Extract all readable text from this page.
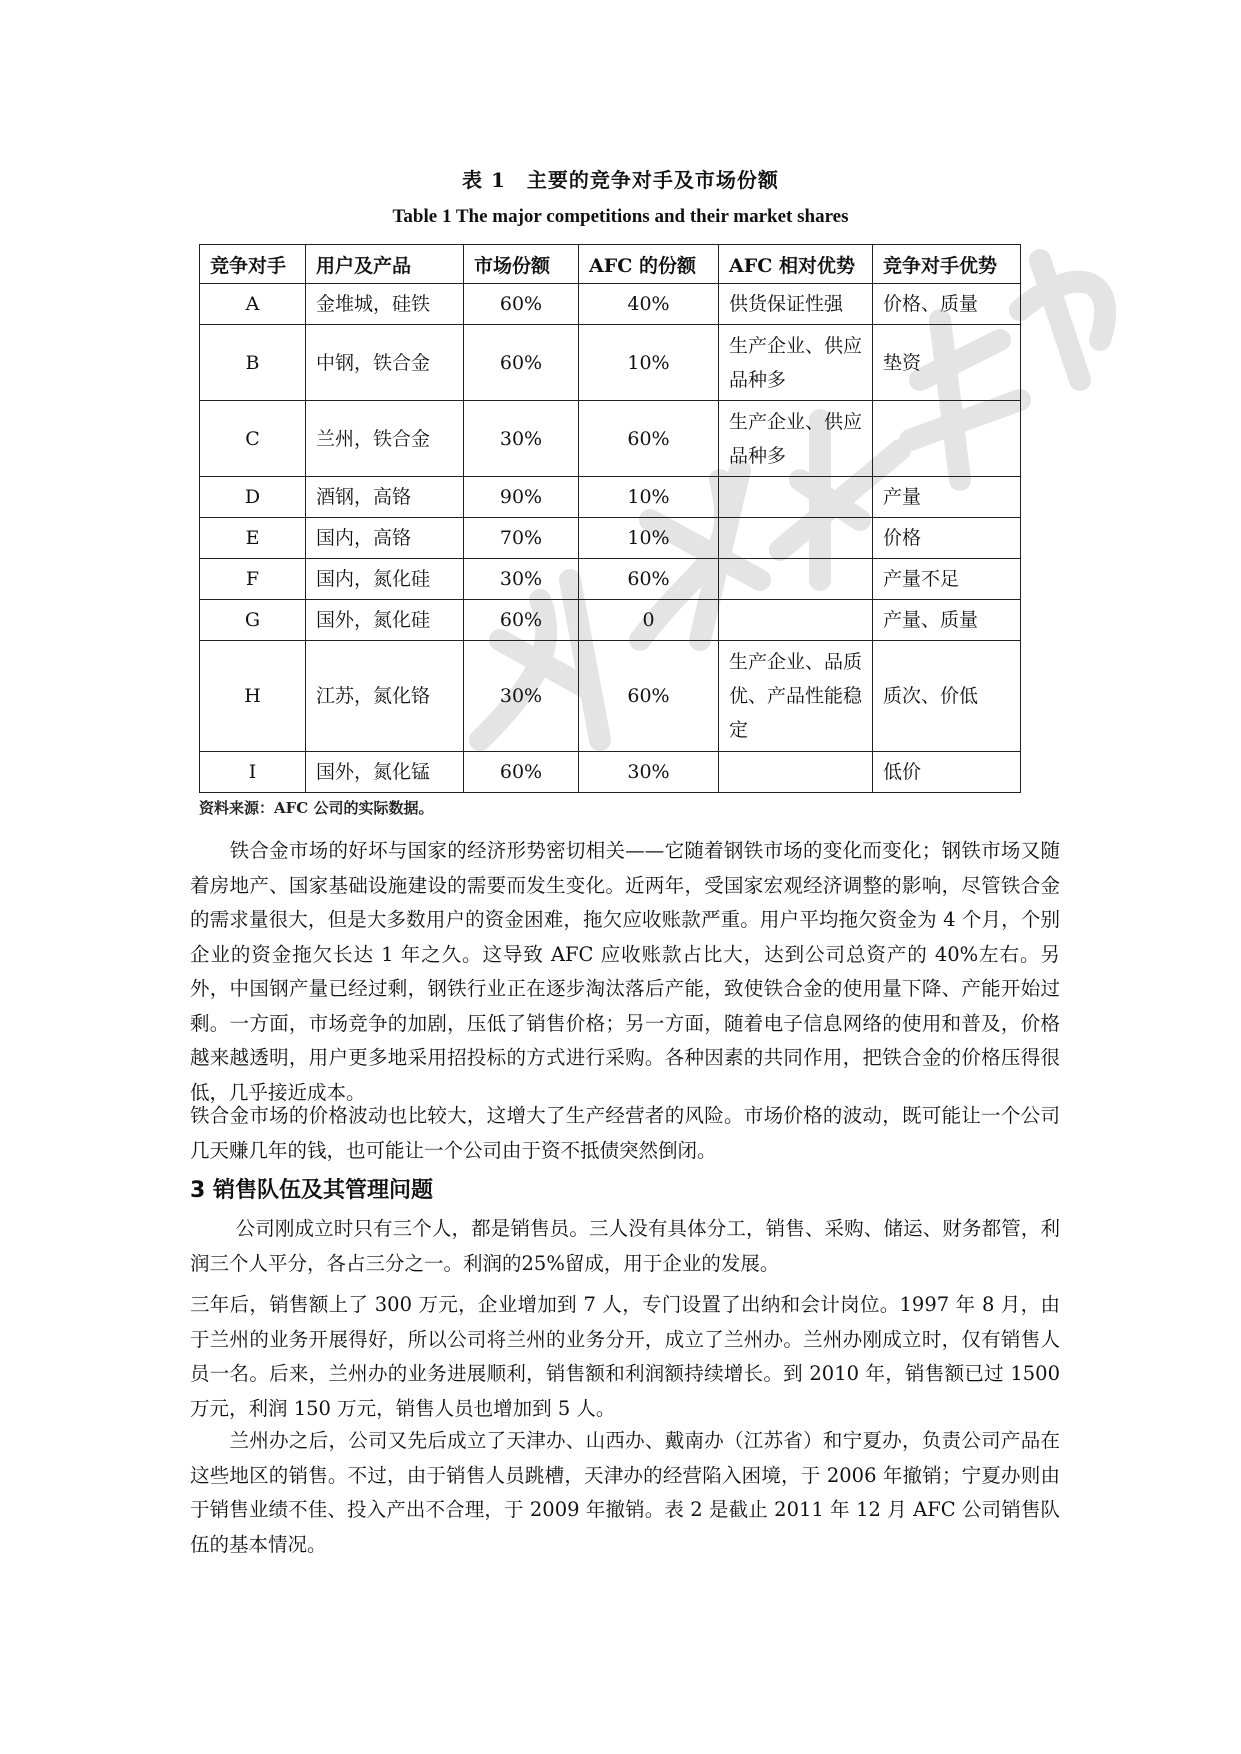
表 1　主要的竞争对手及市场份额
Table 1 The major competitions and their market shares
竞争对手	用户及产品	市场份额	AFC 的份额	AFC 相对优势	竞争对手优势
A	金堆城，硅铁	60%	40%	供货保证性强	价格、质量
B	中钢，铁合金	60%	10%	生产企业、供应品种多	垫资
C	兰州，铁合金	30%	60%	生产企业、供应品种多	
D	酒钢，高铬	90%	10%		产量
E	国内，高铬	70%	10%		价格
F	国内，氮化硅	30%	60%		产量不足
G	国外，氮化硅	60%	0		产量、质量
H	江苏，氮化铬	30%	60%	生产企业、品质优、产品性能稳定	质次、价低
I	国外，氮化锰	60%	30%		低价
资料来源：AFC 公司的实际数据。
　　铁合金市场的好坏与国家的经济形势密切相关——它随着钢铁市场的变化而变化；钢铁市场又随着房地产、国家基础设施建设的需要而发生变化。近两年，受国家宏观经济调整的影响，尽管铁合金的需求量很大，但是大多数用户的资金困难，拖欠应收账款严重。用户平均拖欠资金为 4 个月，个别企业的资金拖欠长达 1 年之久。这导致 AFC 应收账款占比大，达到公司总资产的 40%左右。另外，中国钢产量已经过剩，钢铁行业正在逐步淘汰落后产能，致使铁合金的使用量下降、产能开始过剩。一方面，市场竞争的加剧，压低了销售价格；另一方面，随着电子信息网络的使用和普及，价格越来越透明，用户更多地采用招投标的方式进行采购。各种因素的共同作用，把铁合金的价格压得很低，几乎接近成本。
铁合金市场的价格波动也比较大，这增大了生产经营者的风险。市场价格的波动，既可能让一个公司几天赚几年的钱，也可能让一个公司由于资不抵债突然倒闭。
3 销售队伍及其管理问题
　　 公司刚成立时只有三个人，都是销售员。三人没有具体分工，销售、采购、储运、财务都管，利润三个人平分，各占三分之一。利润的25%留成，用于企业的发展。
三年后，销售额上了 300 万元，企业增加到 7 人，专门设置了出纳和会计岗位。1997 年 8 月，由于兰州的业务开展得好，所以公司将兰州的业务分开，成立了兰州办。兰州办刚成立时，仅有销售人员一名。后来，兰州办的业务进展顺利，销售额和利润额持续增长。到 2010 年，销售额已过 1500 万元，利润 150 万元，销售人员也增加到 5 人。
　　兰州办之后，公司又先后成立了天津办、山西办、戴南办（江苏省）和宁夏办，负责公司产品在这些地区的销售。不过，由于销售人员跳槽，天津办的经营陷入困境，于 2006 年撤销；宁夏办则由于销售业绩不佳、投入产出不合理，于 2009 年撤销。表 2 是截止 2011 年 12 月 AFC 公司销售队伍的基本情况。
